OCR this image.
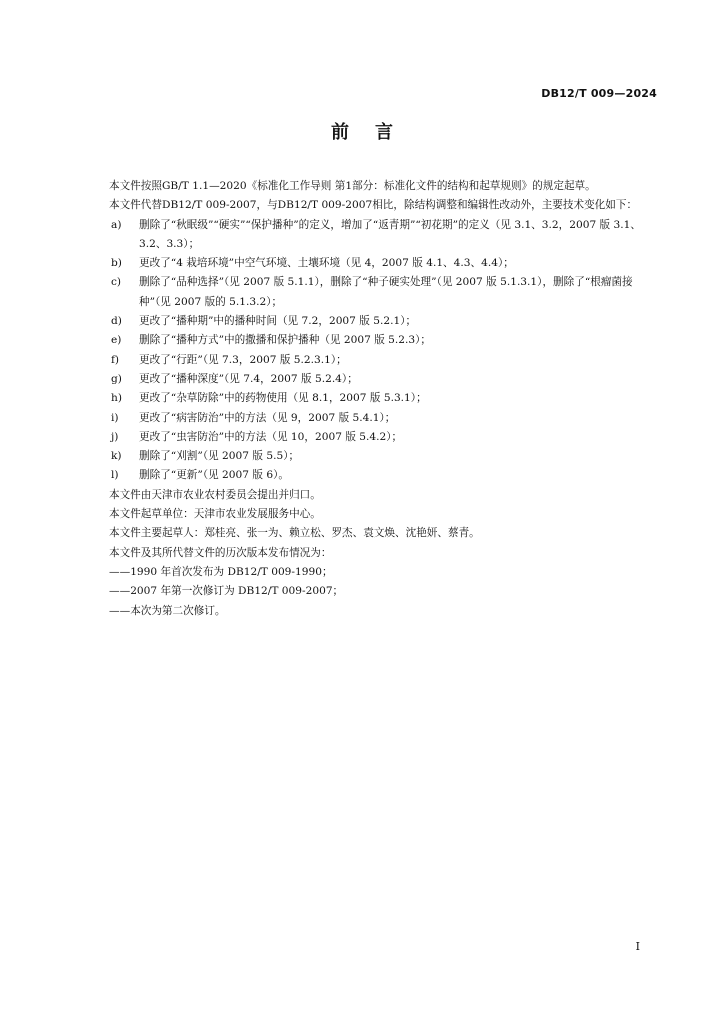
DB12/T 009—2024
前言

本文件按照GB/T 1.1—2020《标准化工作导则 第1部分：标准化文件的结构和起草规则》的规定起草。

本文件代替DB12/T 009-2007，与DB12/T 009-2007相比，除结构调整和编辑性改动外，主要技术变化如下：

a) 删除了“秋眠级”“硬实”“保护播种”的定义，增加了“返青期”“初花期”的定义（见 3.1、3.2，2007 版 3.1、3.2、3.3）；
b) 更改了“4 栽培环境”中空气环境、土壤环境（见 4，2007 版 4.1、4.3、4.4）；
c) 删除了“品种选择”（见 2007 版 5.1.1），删除了“种子硬实处理”（见 2007 版 5.1.3.1），删除了“根瘤菌接种”（见 2007 版的 5.1.3.2）；
d) 更改了“播种期”中的播种时间（见 7.2，2007 版 5.2.1）；
e) 删除了“播种方式”中的撒播和保护播种（见 2007 版 5.2.3）；
f) 更改了“行距”（见 7.3，2007 版 5.2.3.1）；
g) 更改了“播种深度”（见 7.4，2007 版 5.2.4）；
h) 更改了“杂草防除”中的药物使用（见 8.1，2007 版 5.3.1）；
i) 更改了“病害防治”中的方法（见 9，2007 版 5.4.1）；
j) 更改了“虫害防治”中的方法（见 10，2007 版 5.4.2）；
k) 删除了“刈割”（见 2007 版 5.5）；
l) 删除了“更新”（见 2007 版 6）。

本文件由天津市农业农村委员会提出并归口。

本文件起草单位：天津市农业发展服务中心。

本文件主要起草人：郑桂亮、张一为、赖立松、罗杰、袁文焕、沈艳妍、蔡青。

本文件及其所代替文件的历次版本发布情况为：

——1990 年首次发布为 DB12/T 009-1990；

——2007 年第一次修订为 DB12/T 009-2007；

——本次为第二次修订。

I
